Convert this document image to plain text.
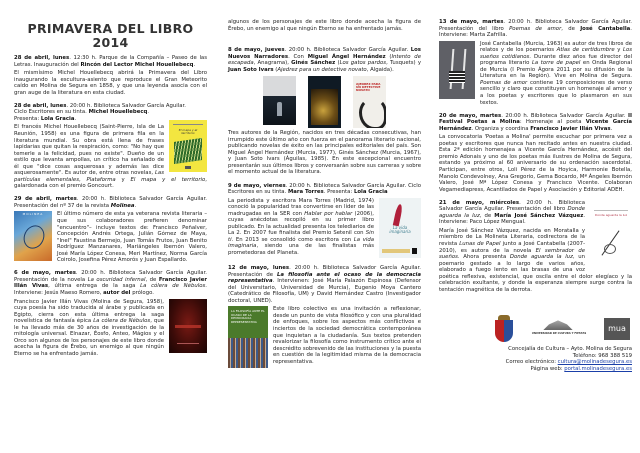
PRIMAVERA DEL LIBRO
2014

28 de abril, lunes. 12:30 h. Parque de la Compañía – Paseo de las Letras. Inauguración del Rincón del Lector Michel Houellebecq.

El mismísimo Michel Houellebecq abrirá la Primavera del Libro inaugurando la escultura-asiento que reproduce el Gran Meteorito caído en Molina de Segura en 1858, y que una leyenda asocia con el gran auge de la literatura en esta ciudad.

28 de abril, lunes. 20:00 h. Biblioteca Salvador García Aguilar.
Ciclo Escritores en su tinta. Michel Houellebecq.
Presenta: Lola Gracia.

El mapa y el territorio

El francés Michel Houellebecq (Saint-Pierre, Isla de La Reunión, 1958) es una figura de primera fila en la literatura mundial. Su obra está llena de frases lapidarias que quitan la respiración, como: "No hay que temerle a la felicidad, pues no existe". Dueño de un estilo que levanta ampollas, un crítico ha señalado de él que "dice cosas asquerosas y además las dice asquerosamente". Es autor de, entre otras novelas, Las partículas elementales, Plataforma y El mapa y el territorio, galardonada con el premio Goncourt.

29 de abril, martes. 20:00 h. Biblioteca Salvador García Aguilar. Presentación del nº 37 de la revista Molinea.

MOLINEA	El último número de esta ya veterana revista literaria –que sus colaboradores prefieren denominar "encuentro"– incluye textos de: Francisco Peñalver, Concepción Andrés Ortega, Julián Gómez de Maya, "Inel" Faustina Bermejo, Juan Tomás Frutos, Juan Benito Rodríguez Manzanares, Mariángeles Ibernón Valero, José María López Conesa, Meri Martínez, Norma García Coirolo, Josefina Pérez Amorós y Juan Espallardo.

6 de mayo, martes. 20:00 h. Biblioteca Salvador García Aguilar. Presentación de la novela La oscuridad infernal, de Francisco Javier Illán Vivas, última entrega de la saga La cólera de Nébulos. Interviene: Jesús Maeso Romero, autor del prólogo.

Francisco Javier Illán Vivas (Molina de Segura, 1958), cuya poesía ha sido traducida al árabe y publicada en Egipto, cierra con esta última entrega la saga novelística de fantasía épica La cólera de Nébulos, que le ha llevado más de 30 años de investigación de la mitología universal. Elnazar, Éosfo, Anteo, Mágios y el Orco son algunos de los personajes de este libro donde acecha la figura de Érebo, un enemigo al que ningún Eterno se ha enfrentado jamás.

8 de mayo, jueves. 20:00 h. Biblioteca Salvador García Aguilar. Los Nuevos Narradores. Con Miguel Ángel Hernández (Intento de escapada, Anagrama), Ginés Sánchez (Los gatos pardos, Tusquets) y Juan Soto Ivars (Ajedrez para un detective novato, Algaida).

AJEDREZ PARA UN DETECTIVE NOVATO

Tres autores de la Región, nacidos en tres décadas consecutivas, han irrumpido este último año con fuerza en el panorama literario nacional, publicando novelas de éxito en las principales editoriales del país. Son Miguel Ángel Hernández (Murcia, 1977), Ginés Sánchez (Murcia, 1967), y Juan Soto Ivars (Águilas, 1985). En este excepcional encuentro presentarán sus últimos libros y conversarán sobre sus carreras y sobre el momento actual de la literatura.

9 de mayo, viernes. 20:00 h. Biblioteca Salvador García Aguilar. Ciclo Escritores en su tinta. Mara Torres. Presenta: Lola Gracia

La vida imaginaria

La periodista y escritora Mara Torres (Madrid, 1974) conoció la popularidad tras convertirse en líder de las madrugadas en la SER con Hablar por hablar (2006), cuyas anécdotas recopiló en su primer libro publicado. En la actualidad presenta los telediarios de La 2. En 2007 fue finalista del Premio Setenil con Sin ti. En 2013 se consolidó como escritora con La vida imaginaria, siendo una de las finalistas más prometedoras del Planeta.

12 de mayo, lunes. 20:00 h. Biblioteca Salvador García Aguilar. Presentación de La filosofía ante el ocaso de la democracia representativa. Intervienen: José María Palazón Espinosa (Defensor del Universitario, Universidad de Murcia), Eugenio Moya Cantero (Catedrático de Filosofía, UM) y David Hernández Castro (Investigador doctoral, UNED).

LA FILOSOFÍA ANTE EL OCASO DE LA DEMOCRACIA REPRESENTATIVA

Este libro colectivo es una invitación a reflexionar, desde un punto de vista filosófico y con una pluralidad de enfoques, sobre los aspectos más conflictivos e inciertos de la sociedad democrática contemporánea que inquietan a la ciudadanía. Sus textos pretenden revalorizar la filosofía como instrumento crítico ante el descrédito sobrevenido de las instituciones y la puesta en cuestión de la legitimidad misma de la democracia representativa.

algunos de los personajes de este libro donde acecha la figura de Érebo, un enemigo al que ningún Eterno se ha enfrentado jamás.

13 de mayo, martes. 20:00 h. Biblioteca Salvador García Aguilar. Presentación del libro Poemas de amor, de José Cantabella. Interviene: Marta Zafrilla.

José Cantabella (Murcia, 1963) es autor de tres libros de relatos y de los poemarios Atlas de certidumbre y Los sueños cotidianos. Durante diez años fue director del programa literario La torre de papel en Onda Regional de Murcia (I Premio Ágora 2011 por su difusión de la Literatura en la Región). Vive en Molina de Segura. Poemas de amor contiene 19 composiciones de verso sencillo y claro que constituyen un homenaje al amor y a los poetas y escritores que lo plasmaron en sus textos.

20 de mayo, martes. 20:00 h. Biblioteca Salvador García Aguilar. II Festival Poetas a Molina: Homenaje al poeta Vicente García Hernández. Organiza y coordina Francisco Javier Illán Vivas.

La convocatoria 'Poetas a Molina' permite escuchar por primera vez a poetas y escritores que nunca han recitado antes en nuestra ciudad. Esta 2ª edición homenajea a Vicente García Hernández, accésit del premio Adonais y uno de los poetas más ilustres de Molina de Segura, estando ya próximo al 60 aniversario de su ordenación sacerdotal. Participan, entre otros, Loli Pérez de la Hoyica, Harmonie Botella, Manolo Condevolney, Ana Gregorio, Gema Bocardo, Mª Ángeles Ibernón Valero, José Mª López Conesa y Francisco Vicente. Colaboran Vegamediapress, Acantilados de Papel y Asociación y Editorial ADEH.

Donde aguarda la luz

21 de mayo, miércoles. 20:00 h. Biblioteca Salvador García Aguilar. Presentación del libro Donde aguarda la luz, de María José Sánchez Vázquez. Interviene: Paco López Mengual.

María José Sánchez Vázquez, nacida en Moratalla y miembro de La Molineta Literaria, codirectora de la revista Lunas de Papel junto a José Cantabella (2007-2010), es autora de la novela El sembrador de sueños. Ahora presenta Donde aguarda la luz, un poemario gestado a lo largo de varios años, elaborado a fuego lento en las brasas de una voz poética reflexiva, existencial, que oscila entre el dolor elegíaco y la celebración exultante, y donde la esperanza siempre surge contra la tentación magnética de la derrota.

UNIVERSIDAD DE CULTURA Y FIESTAS
mua
Concejalía de Cultura – Ayto. Molina de Segura
Teléfono: 968 388 519
Correo electrónico: cultura@molinadesegura.es
Página web: portal.molinadesegura.es
